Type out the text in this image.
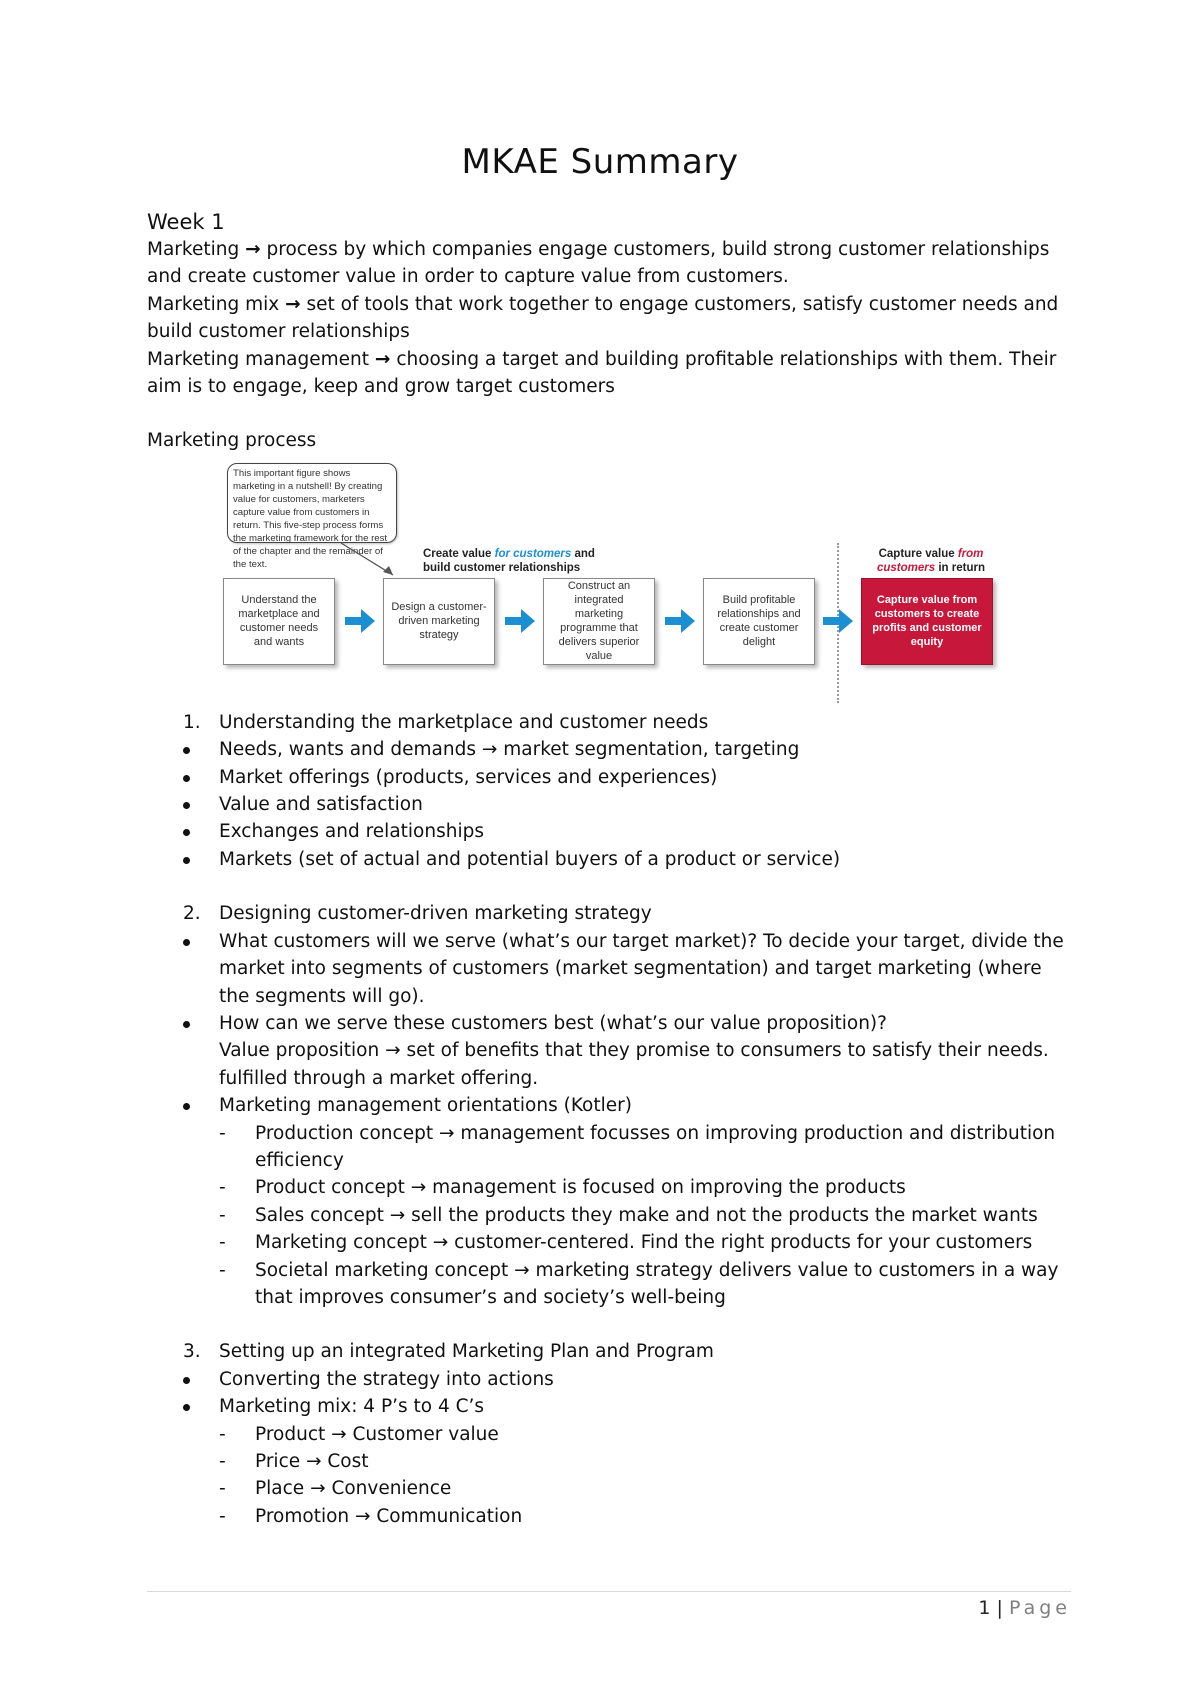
MKAE Summary
Week 1
Marketing → process by which companies engage customers, build strong customer relationships and create customer value in order to capture value from customers.
Marketing mix → set of tools that work together to engage customers, satisfy customer needs and build customer relationships
Marketing management → choosing a target and building profitable relationships with them. Their aim is to engage, keep and grow target customers
Marketing process
This important figure shows marketing in a nutshell! By creating value for customers, marketers capture value from customers in return. This five-step process forms the marketing framework for the rest of the chapter and the remainder of the text.
Create value for customers and build customer relationships
Capture value from customers in return
Understand the marketplace and customer needs and wants
Design a customer-driven marketing strategy
Construct an integrated marketing programme that delivers superior value
Build profitable relationships and create customer delight
Capture value from customers to create profits and customer equity
1. Understanding the marketplace and customer needs
Needs, wants and demands → market segmentation, targeting
Market offerings (products, services and experiences)
Value and satisfaction
Exchanges and relationships
Markets (set of actual and potential buyers of a product or service)
2. Designing customer-driven marketing strategy
What customers will we serve (what’s our target market)? To decide your target, divide the market into segments of customers (market segmentation) and target marketing (where the segments will go).
How can we serve these customers best (what’s our value proposition)?
Value proposition → set of benefits that they promise to consumers to satisfy their needs. fulfilled through a market offering.
Marketing management orientations (Kotler)
- Production concept → management focusses on improving production and distribution efficiency
- Product concept → management is focused on improving the products
- Sales concept → sell the products they make and not the products the market wants
- Marketing concept → customer-centered. Find the right products for your customers
- Societal marketing concept → marketing strategy delivers value to customers in a way that improves consumer’s and society’s well-being
3. Setting up an integrated Marketing Plan and Program
Converting the strategy into actions
Marketing mix: 4 P’s to 4 C’s
- Product → Customer value
- Price → Cost
- Place → Convenience
- Promotion → Communication
1 | Page
